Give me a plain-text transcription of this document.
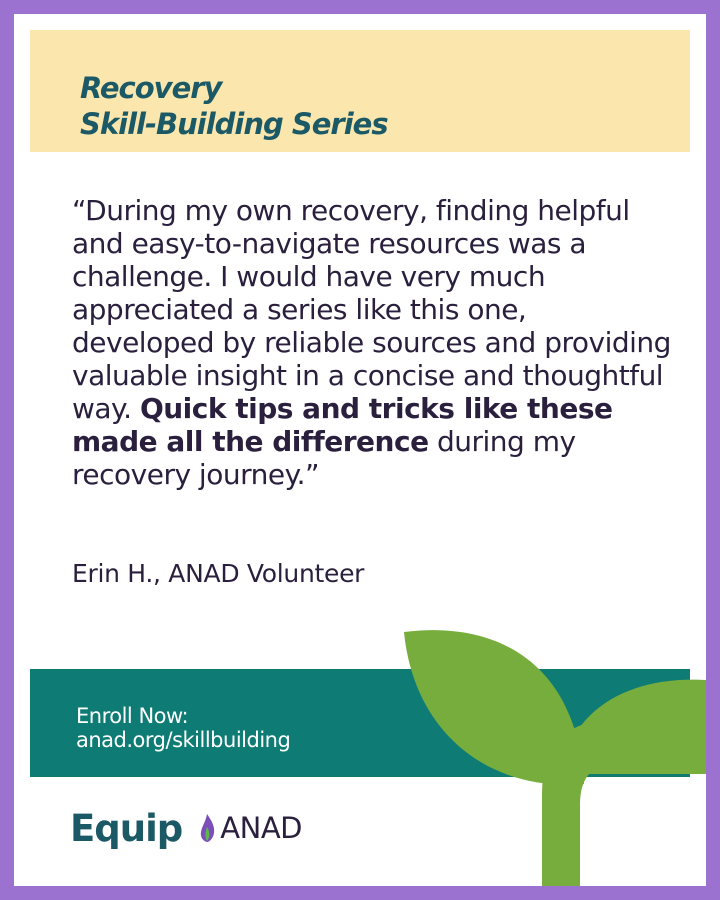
Recovery
Skill-Building Series

“During my own recovery, finding helpful and easy-to-navigate resources was a challenge. I would have very much appreciated a series like this one, developed by reliable sources and providing valuable insight in a concise and thoughtful way. Quick tips and tricks like these made all the difference during my recovery journey.”

Erin H., ANAD Volunteer

Enroll Now:
anad.org/skillbuilding
Equip ANAD
